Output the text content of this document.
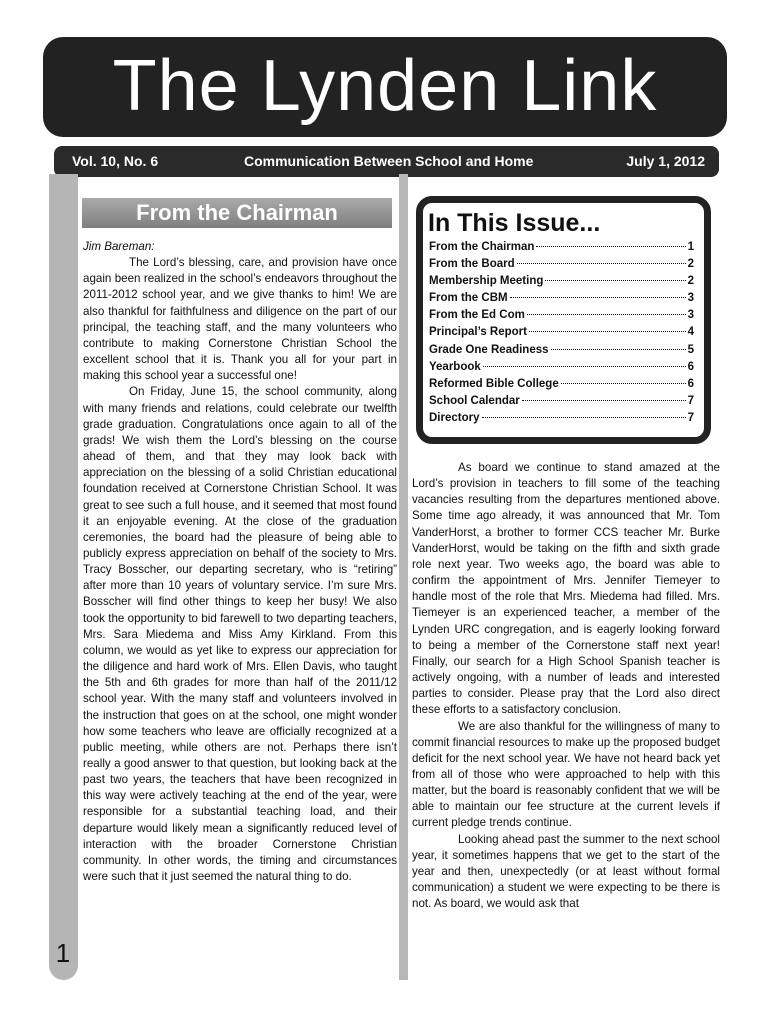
The Lynden Link
Vol. 10, No. 6	Communication Between School and Home	July 1, 2012
1
From the Chairman

Jim Bareman:

The Lord’s blessing, care, and provision have once again been realized in the school’s endeavors throughout the 2011-2012 school year, and we give thanks to him! We are also thankful for faithfulness and diligence on the part of our principal, the teaching staff, and the many volunteers who contribute to making Cornerstone Christian School the excellent school that it is. Thank you all for your part in making this school year a successful one!

On Friday, June 15, the school community, along with many friends and relations, could celebrate our twelfth grade graduation. Congratulations once again to all of the grads! We wish them the Lord’s blessing on the course ahead of them, and that they may look back with appreciation on the blessing of a solid Christian educational foundation received at Cornerstone Christian School. It was great to see such a full house, and it seemed that most found it an enjoyable evening. At the close of the graduation ceremonies, the board had the pleasure of being able to publicly express appreciation on behalf of the society to Mrs. Tracy Bosscher, our departing secretary, who is “retiring” after more than 10 years of voluntary service. I’m sure Mrs. Bosscher will find other things to keep her busy! We also took the opportunity to bid farewell to two departing teachers, Mrs. Sara Miedema and Miss Amy Kirkland. From this column, we would as yet like to express our appreciation for the diligence and hard work of Mrs. Ellen Davis, who taught the 5th and 6th grades for more than half of the 2011/12 school year. With the many staff and volunteers involved in the instruction that goes on at the school, one might wonder how some teachers who leave are officially recognized at a public meeting, while others are not. Perhaps there isn’t really a good answer to that question, but looking back at the past two years, the teachers that have been recognized in this way were actively teaching at the end of the year, were responsible for a substantial teaching load, and their departure would likely mean a significantly reduced level of interaction with the broader Cornerstone Christian community. In other words, the timing and circumstances were such that it just seemed the natural thing to do.

In This Issue...
From the Chairman	1
From the Board	2
Membership Meeting	2
From the CBM	3
From the Ed Com	3
Principal’s Report	4
Grade One Readiness	5
Yearbook	6
Reformed Bible College	6
School Calendar	7
Directory	7

As board we continue to stand amazed at the Lord’s provision in teachers to fill some of the teaching vacancies resulting from the departures mentioned above. Some time ago already, it was announced that Mr. Tom VanderHorst, a brother to former CCS teacher Mr. Burke VanderHorst, would be taking on the fifth and sixth grade role next year. Two weeks ago, the board was able to confirm the appointment of Mrs. Jennifer Tiemeyer to handle most of the role that Mrs. Miedema had filled. Mrs. Tiemeyer is an experienced teacher, a member of the Lynden URC congregation, and is eagerly looking forward to being a member of the Cornerstone staff next year! Finally, our search for a High School Spanish teacher is actively ongoing, with a number of leads and interested parties to consider. Please pray that the Lord also direct these efforts to a satisfactory conclusion.

We are also thankful for the willingness of many to commit financial resources to make up the proposed budget deficit for the next school year. We have not heard back yet from all of those who were approached to help with this matter, but the board is reasonably confident that we will be able to maintain our fee structure at the current levels if current pledge trends continue.

Looking ahead past the summer to the next school year, it sometimes happens that we get to the start of the year and then, unexpectedly (or at least without formal communication) a student we were expecting to be there is not. As board, we would ask that
